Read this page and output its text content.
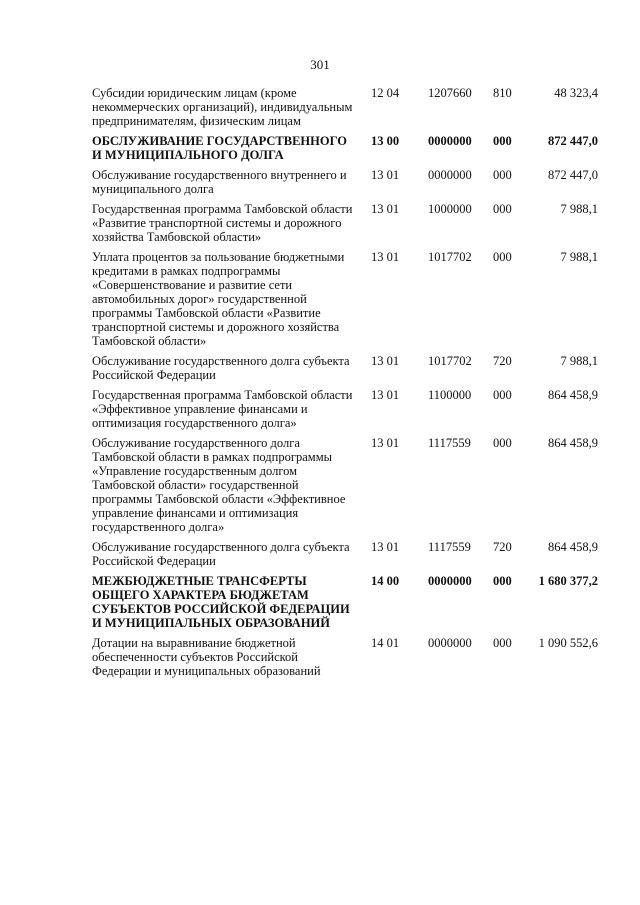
301
Субсидии юридическим лицам (кроме некоммерческих организаций), индивидуальным предпринимателям, физическим лицам
12 04 1207660 810	48 323,4
ОБСЛУЖИВАНИЕ ГОСУДАРСТВЕННОГО И МУНИЦИПАЛЬНОГО ДОЛГА
13 00 0000000 000	872 447,0
Обслуживание государственного внутреннего и муниципального долга
13 01 0000000 000	872 447,0
Государственная программа Тамбовской области «Развитие транспортной системы и дорожного хозяйства Тамбовской области»
13 01 1000000 000	7 988,1
Уплата процентов за пользование бюджетными кредитами в рамках подпрограммы «Совершенствование и развитие сети автомобильных дорог» государственной программы Тамбовской области «Развитие транспортной системы и дорожного хозяйства Тамбовской области»
13 01 1017702 000	7 988,1
Обслуживание государственного долга субъекта Российской Федерации
13 01 1017702 720	7 988,1
Государственная программа Тамбовской области «Эффективное управление финансами и оптимизация государственного долга»
13 01 1100000 000	864 458,9
Обслуживание государственного долга Тамбовской области в рамках подпрограммы «Управление государственным долгом Тамбовской области» государственной программы Тамбовской области «Эффективное управление финансами и оптимизация государственного долга»
13 01 1117559 000	864 458,9
Обслуживание государственного долга субъекта Российской Федерации
13 01 1117559 720	864 458,9
МЕЖБЮДЖЕТНЫЕ ТРАНСФЕРТЫ ОБЩЕГО ХАРАКТЕРА БЮДЖЕТАМ СУБЪЕКТОВ РОССИЙСКОЙ ФЕДЕРАЦИИ И МУНИЦИПАЛЬНЫХ ОБРАЗОВАНИЙ
14 00 0000000 000	1 680 377,2
Дотации на выравнивание бюджетной обеспеченности субъектов Российской Федерации и муниципальных образований
14 01 0000000 000	1 090 552,6
